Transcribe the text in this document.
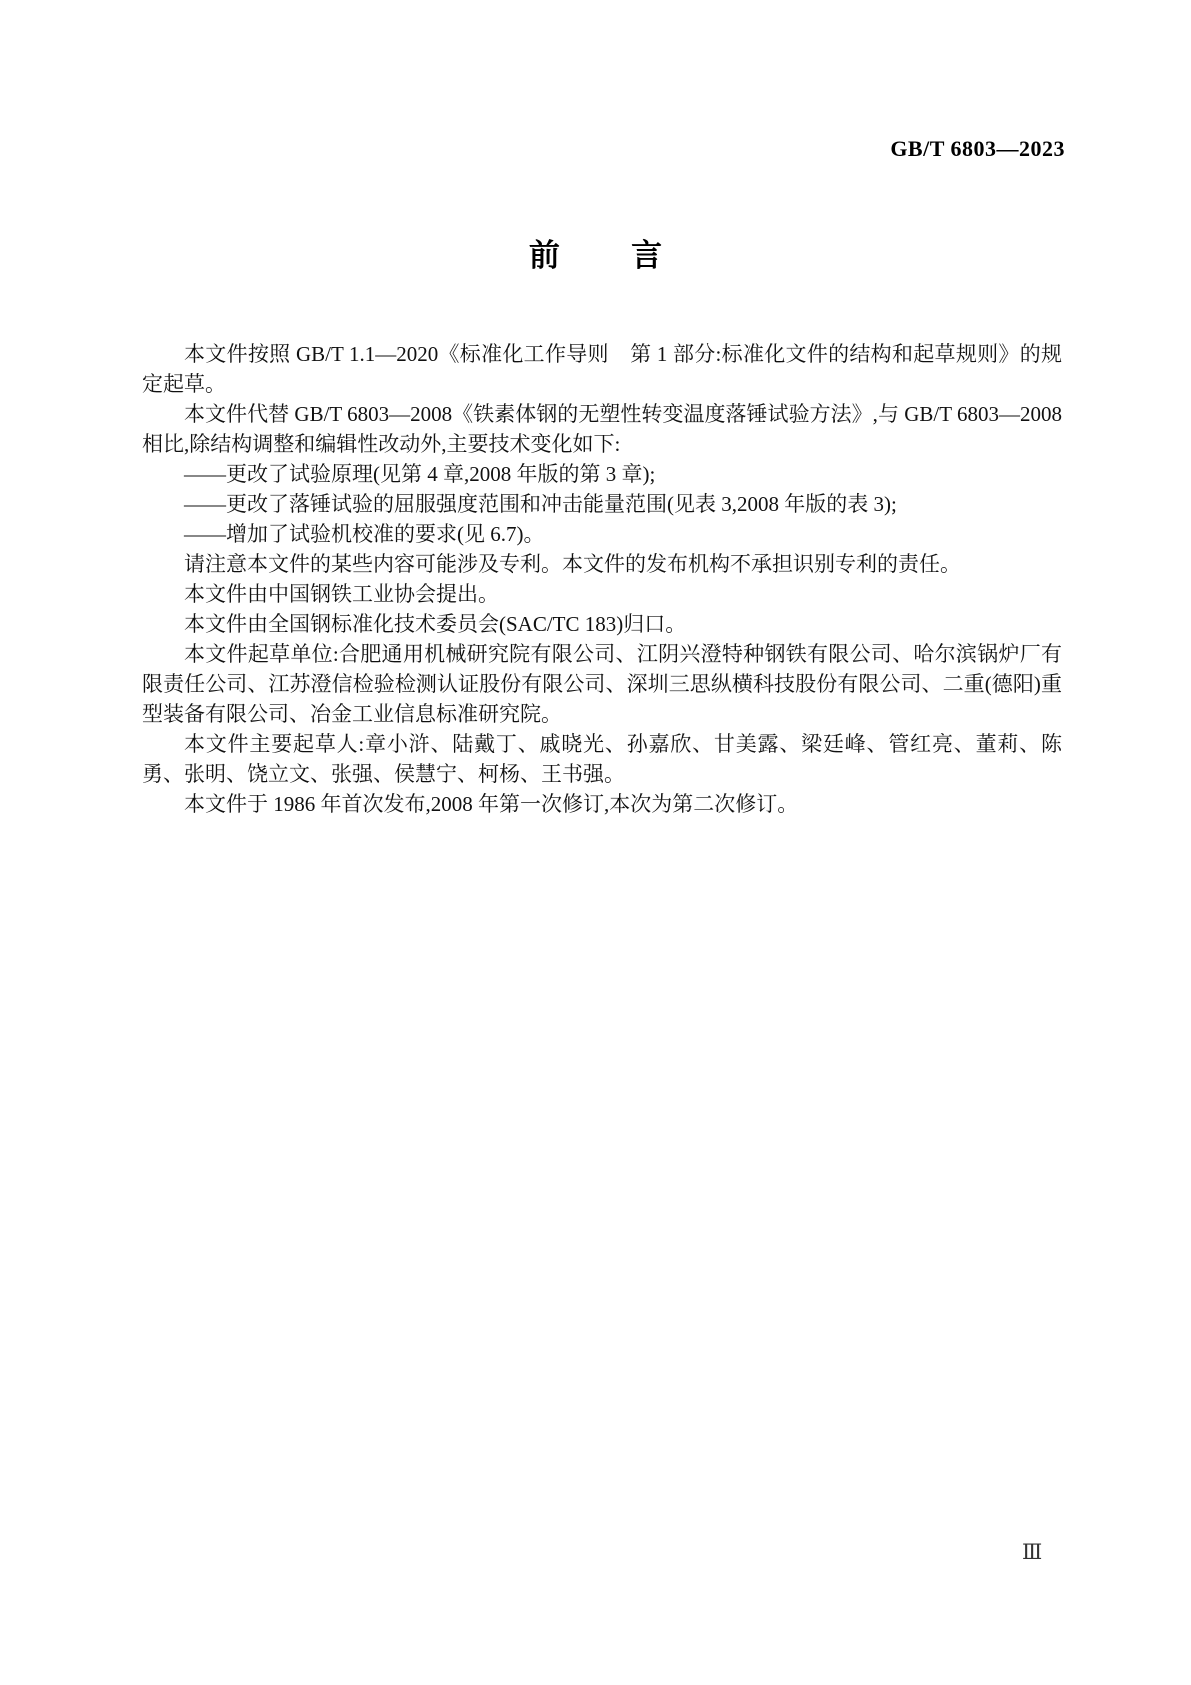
GB/T 6803—2023
前言

本文件按照 GB/T 1.1—2020《标准化工作导则　第 1 部分:标准化文件的结构和起草规则》的规定起草。

本文件代替 GB/T 6803—2008《铁素体钢的无塑性转变温度落锤试验方法》,与 GB/T 6803—2008 相比,除结构调整和编辑性改动外,主要技术变化如下:

——更改了试验原理(见第 4 章,2008 年版的第 3 章);

——更改了落锤试验的屈服强度范围和冲击能量范围(见表 3,2008 年版的表 3);

——增加了试验机校准的要求(见 6.7)。

请注意本文件的某些内容可能涉及专利。本文件的发布机构不承担识别专利的责任。

本文件由中国钢铁工业协会提出。

本文件由全国钢标准化技术委员会(SAC/TC 183)归口。

本文件起草单位:合肥通用机械研究院有限公司、江阴兴澄特种钢铁有限公司、哈尔滨锅炉厂有限责任公司、江苏澄信检验检测认证股份有限公司、深圳三思纵横科技股份有限公司、二重(德阳)重型装备有限公司、冶金工业信息标准研究院。

本文件主要起草人:章小浒、陆戴丁、戚晓光、孙嘉欣、甘美露、梁廷峰、管红亮、董莉、陈勇、张明、饶立文、张强、侯慧宁、柯杨、王书强。

本文件于 1986 年首次发布,2008 年第一次修订,本次为第二次修订。

Ⅲ
